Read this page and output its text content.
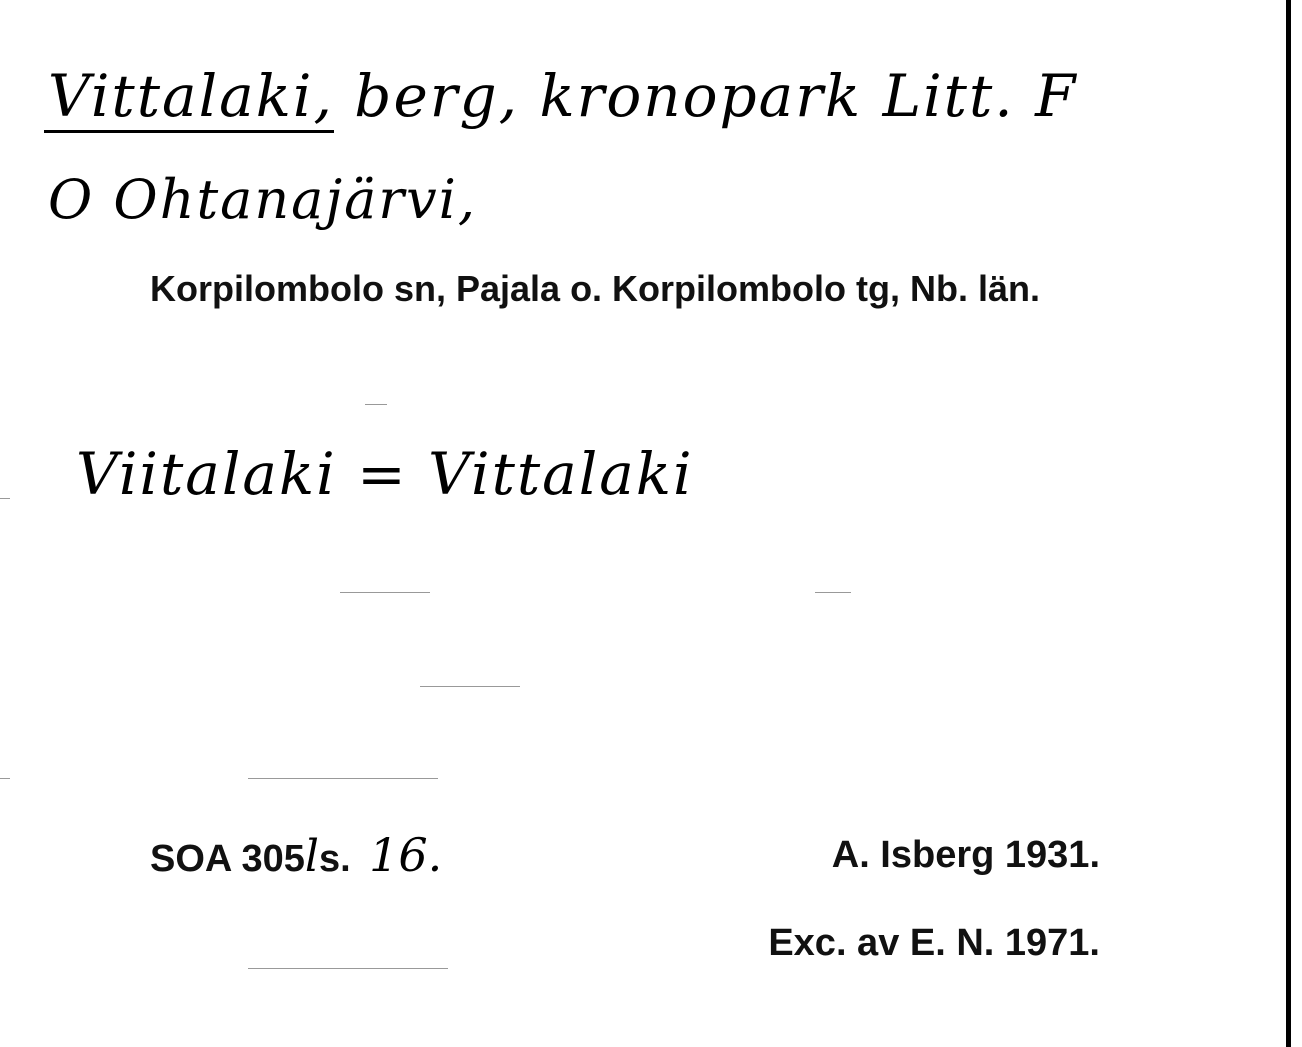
Vittalaki, berg, kronopark Litt. F
O Ohtanajärvi,
Korpilombolo sn, Pajala o. Korpilombolo tg, Nb. län.
Viitalaki = Vittalaki
SOA 305ls. 16.	A. Isberg 1931.
Exc. av E. N. 1971.
